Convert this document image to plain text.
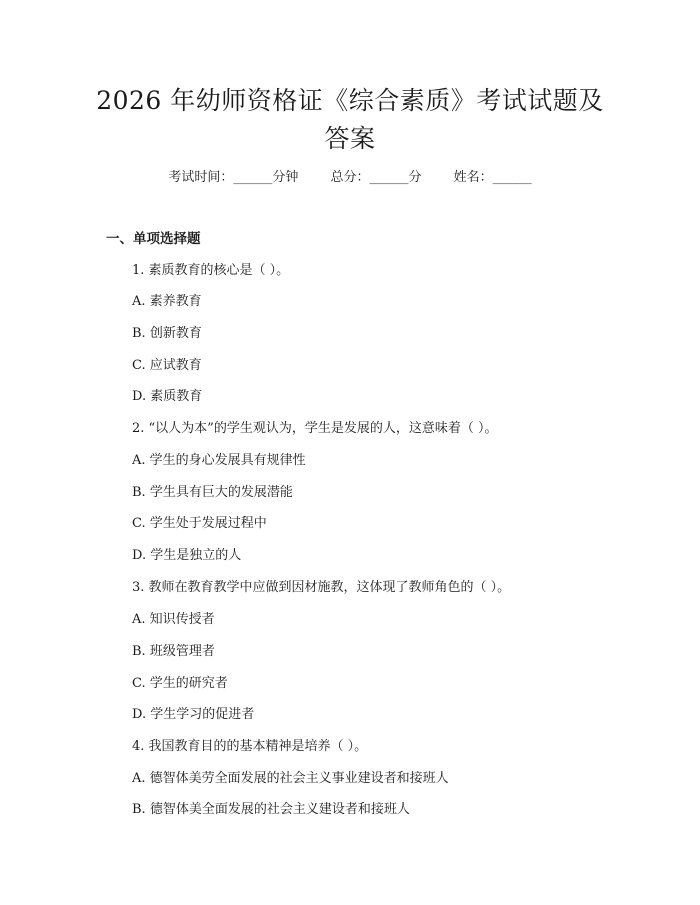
2026 年幼师资格证《综合素质》考试试题及答案
考试时间：______分钟 总分：______分 姓名：______
一、单项选择题
1. 素质教育的核心是（ ）。
A. 素养教育
B. 创新教育
C. 应试教育
D. 素质教育
2. “以人为本”的学生观认为，学生是发展的人，这意味着（ ）。
A. 学生的身心发展具有规律性
B. 学生具有巨大的发展潜能
C. 学生处于发展过程中
D. 学生是独立的人
3. 教师在教育教学中应做到因材施教，这体现了教师角色的（ ）。
A. 知识传授者
B. 班级管理者
C. 学生的研究者
D. 学生学习的促进者
4. 我国教育目的的基本精神是培养（ ）。
A. 德智体美劳全面发展的社会主义事业建设者和接班人
B. 德智体美全面发展的社会主义建设者和接班人
